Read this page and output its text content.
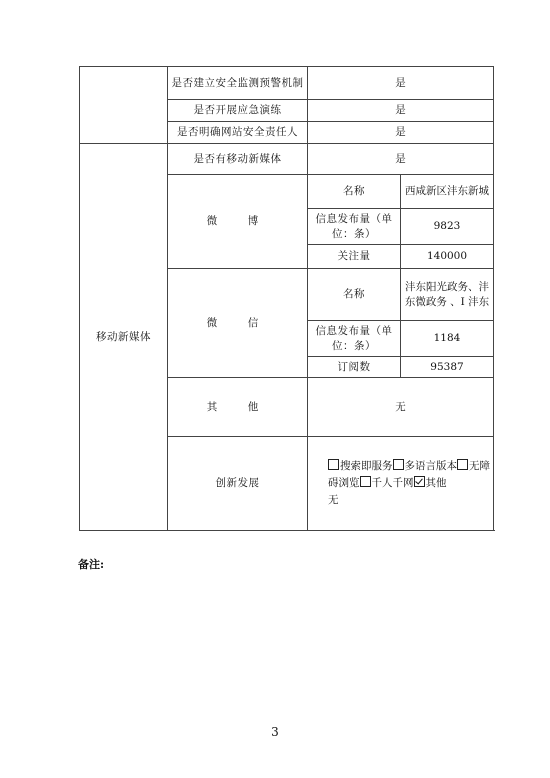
	是否建立安全监测预警机制	是	
	是否开展应急演练	是	
	是否明确网站安全责任人	是	
移动新媒体	是否有移动新媒体	是	
	微　博	名称	西咸新区沣东新城
		信息发布量（单位：条）	9823
		关注量	140000
	微　信	名称	沣东阳光政务、沣东微政务 、I 沣东
		信息发布量（单位：条）	1184
		订阅数	95387
	其　他	无	
	创新发展	搜索即服务 多语言版本 无障碍浏览 千人千网 其他
无	
备注:
3
